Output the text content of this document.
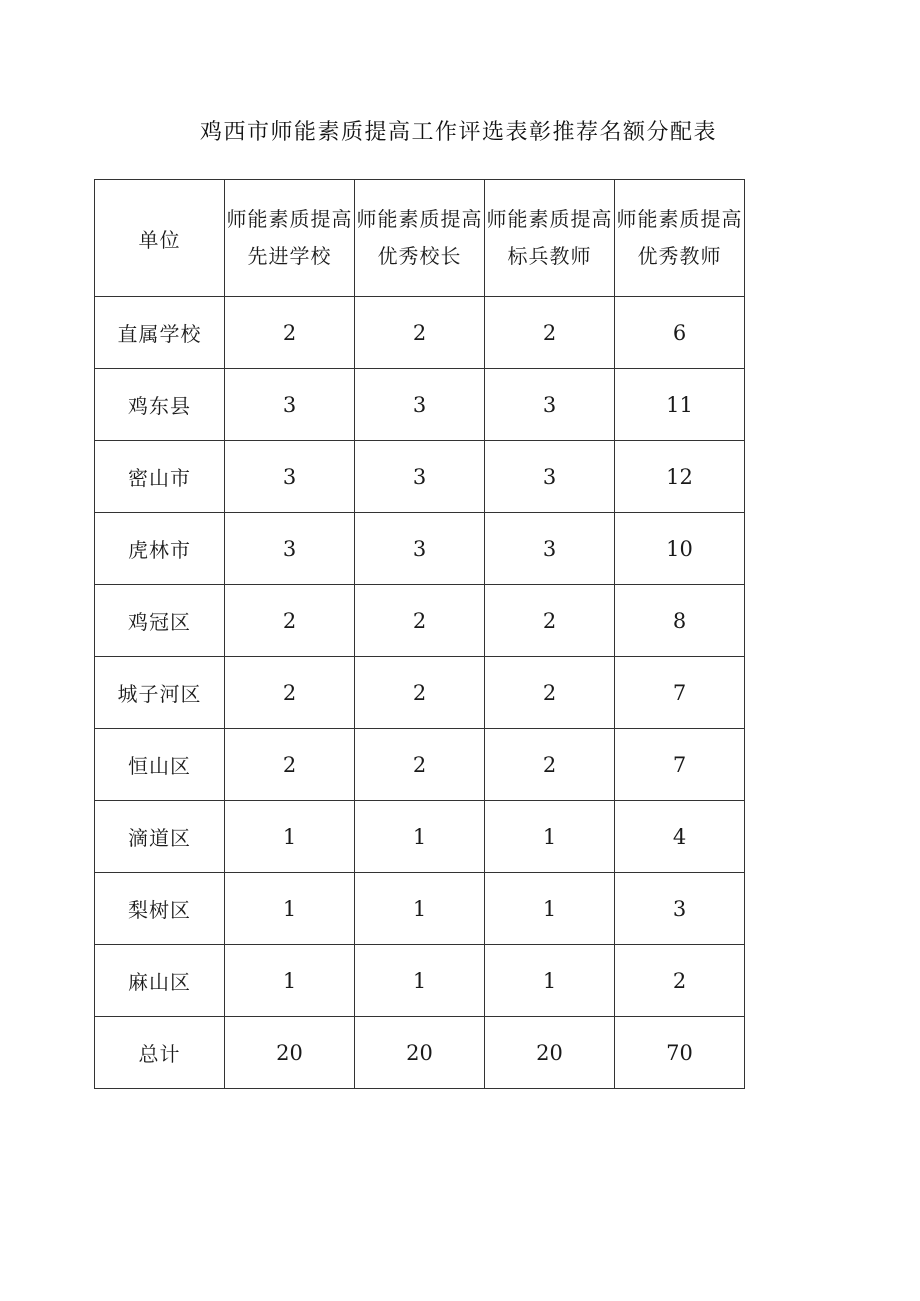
鸡西市师能素质提高工作评选表彰推荐名额分配表
单位	师能素质提高先进学校	师能素质提高优秀校长	师能素质提高标兵教师	师能素质提高优秀教师
直属学校	2	2	2	6
鸡东县	3	3	3	11
密山市	3	3	3	12
虎林市	3	3	3	10
鸡冠区	2	2	2	8
城子河区	2	2	2	7
恒山区	2	2	2	7
滴道区	1	1	1	4
梨树区	1	1	1	3
麻山区	1	1	1	2
总计	20	20	20	70
